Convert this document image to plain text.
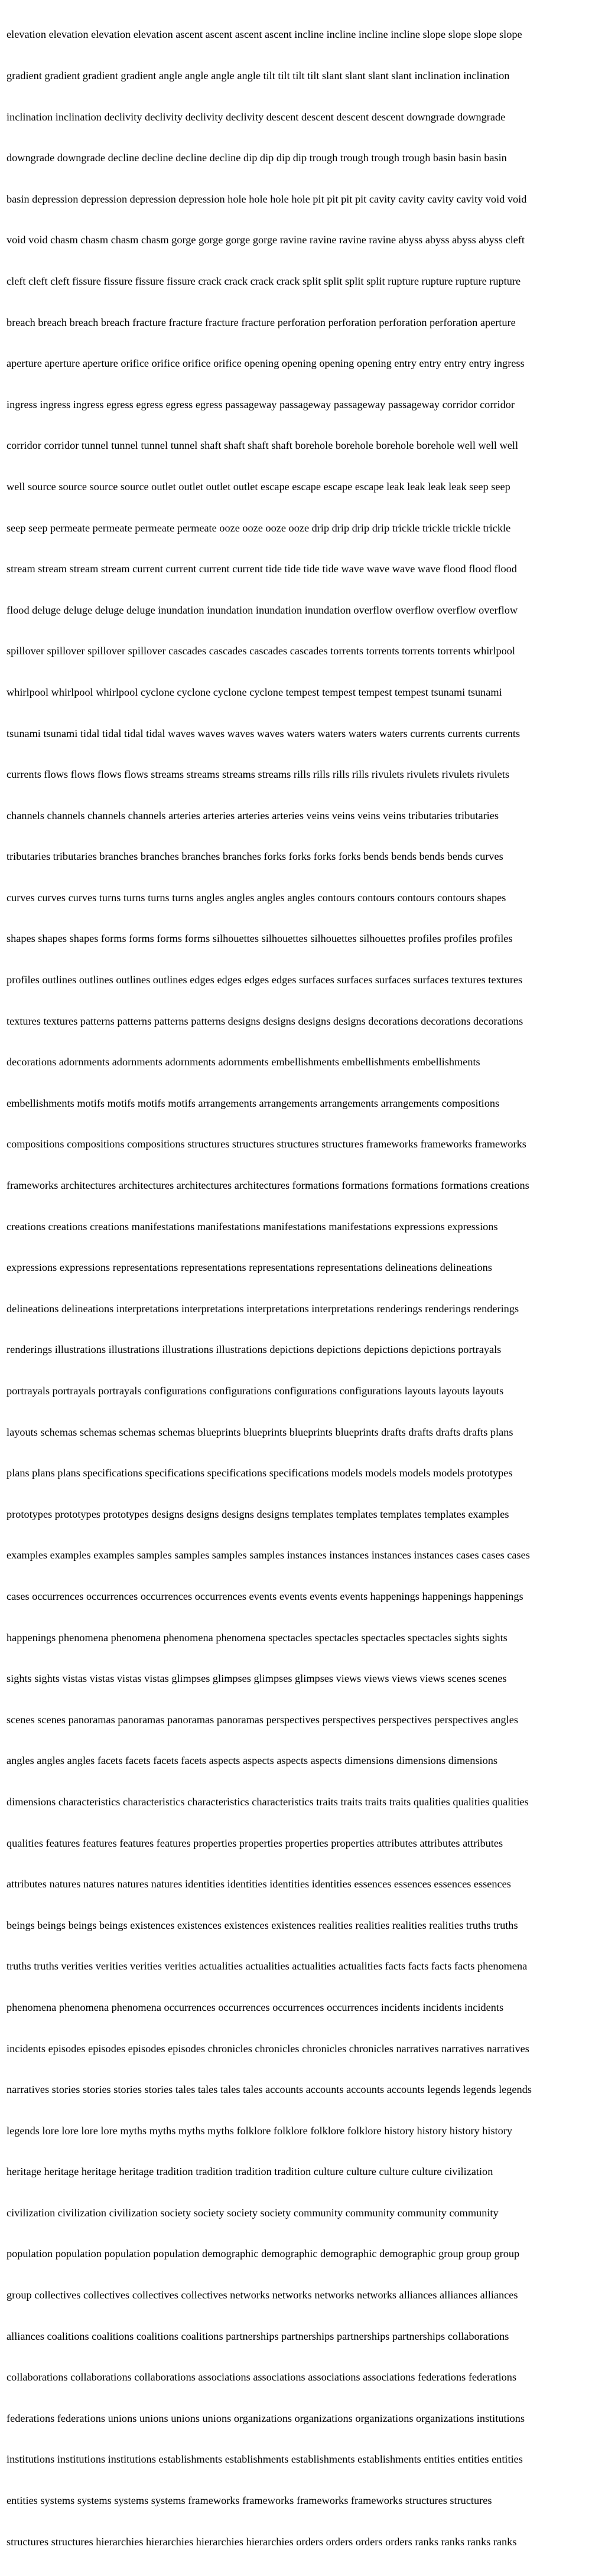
elevation elevation elevation elevation ascent ascent ascent ascent incline incline incline incline slope slope slope slope

gradient gradient gradient gradient angle angle angle angle tilt tilt tilt tilt slant slant slant slant inclination inclination

inclination inclination declivity declivity declivity declivity descent descent descent descent downgrade downgrade

downgrade downgrade decline decline decline decline dip dip dip dip trough trough trough trough basin basin basin

basin depression depression depression depression hole hole hole hole pit pit pit pit cavity cavity cavity cavity void void

void void chasm chasm chasm chasm gorge gorge gorge gorge ravine ravine ravine ravine abyss abyss abyss abyss cleft

cleft cleft cleft fissure fissure fissure fissure crack crack crack crack split split split split rupture rupture rupture rupture

breach breach breach breach fracture fracture fracture fracture perforation perforation perforation perforation aperture

aperture aperture aperture orifice orifice orifice orifice opening opening opening opening entry entry entry entry ingress

ingress ingress ingress egress egress egress egress passageway passageway passageway passageway corridor corridor

corridor corridor tunnel tunnel tunnel tunnel shaft shaft shaft shaft borehole borehole borehole borehole well well well

well source source source source outlet outlet outlet outlet escape escape escape escape leak leak leak leak seep seep

seep seep permeate permeate permeate permeate ooze ooze ooze ooze drip drip drip drip trickle trickle trickle trickle

stream stream stream stream current current current current tide tide tide tide wave wave wave wave flood flood flood

flood deluge deluge deluge deluge inundation inundation inundation inundation overflow overflow overflow overflow

spillover spillover spillover spillover cascades cascades cascades cascades torrents torrents torrents torrents whirlpool

whirlpool whirlpool whirlpool cyclone cyclone cyclone cyclone tempest tempest tempest tempest tsunami tsunami

tsunami tsunami tidal tidal tidal tidal waves waves waves waves waters waters waters waters currents currents currents

currents flows flows flows flows streams streams streams streams rills rills rills rills rivulets rivulets rivulets rivulets

channels channels channels channels arteries arteries arteries arteries veins veins veins veins tributaries tributaries

tributaries tributaries branches branches branches branches forks forks forks forks bends bends bends bends curves

curves curves curves turns turns turns turns angles angles angles angles contours contours contours contours shapes

shapes shapes shapes forms forms forms forms silhouettes silhouettes silhouettes silhouettes profiles profiles profiles

profiles outlines outlines outlines outlines edges edges edges edges surfaces surfaces surfaces surfaces textures textures

textures textures patterns patterns patterns patterns designs designs designs designs decorations decorations decorations

decorations adornments adornments adornments adornments embellishments embellishments embellishments

embellishments motifs motifs motifs motifs arrangements arrangements arrangements arrangements compositions

compositions compositions compositions structures structures structures structures frameworks frameworks frameworks

frameworks architectures architectures architectures architectures formations formations formations formations creations

creations creations creations manifestations manifestations manifestations manifestations expressions expressions

expressions expressions representations representations representations representations delineations delineations

delineations delineations interpretations interpretations interpretations interpretations renderings renderings renderings

renderings illustrations illustrations illustrations illustrations depictions depictions depictions depictions portrayals

portrayals portrayals portrayals configurations configurations configurations configurations layouts layouts layouts

layouts schemas schemas schemas schemas blueprints blueprints blueprints blueprints drafts drafts drafts drafts plans

plans plans plans specifications specifications specifications specifications models models models models prototypes

prototypes prototypes prototypes designs designs designs designs templates templates templates templates examples

examples examples examples samples samples samples samples instances instances instances instances cases cases cases

cases occurrences occurrences occurrences occurrences events events events events happenings happenings happenings

happenings phenomena phenomena phenomena phenomena spectacles spectacles spectacles spectacles sights sights

sights sights vistas vistas vistas vistas glimpses glimpses glimpses glimpses views views views views scenes scenes

scenes scenes panoramas panoramas panoramas panoramas perspectives perspectives perspectives perspectives angles

angles angles angles facets facets facets facets aspects aspects aspects aspects dimensions dimensions dimensions

dimensions characteristics characteristics characteristics characteristics traits traits traits traits qualities qualities qualities

qualities features features features features properties properties properties properties attributes attributes attributes

attributes natures natures natures natures identities identities identities identities essences essences essences essences

beings beings beings beings existences existences existences existences realities realities realities realities truths truths

truths truths verities verities verities verities actualities actualities actualities actualities facts facts facts facts phenomena

phenomena phenomena phenomena occurrences occurrences occurrences occurrences incidents incidents incidents

incidents episodes episodes episodes episodes chronicles chronicles chronicles chronicles narratives narratives narratives

narratives stories stories stories stories tales tales tales tales accounts accounts accounts accounts legends legends legends

legends lore lore lore lore myths myths myths myths folklore folklore folklore folklore history history history history

heritage heritage heritage heritage tradition tradition tradition tradition culture culture culture culture civilization

civilization civilization civilization society society society society community community community community

population population population population demographic demographic demographic demographic group group group

group collectives collectives collectives collectives networks networks networks networks alliances alliances alliances

alliances coalitions coalitions coalitions coalitions partnerships partnerships partnerships partnerships collaborations

collaborations collaborations collaborations associations associations associations associations federations federations

federations federations unions unions unions unions organizations organizations organizations organizations institutions

institutions institutions institutions establishments establishments establishments establishments entities entities entities

entities systems systems systems systems frameworks frameworks frameworks frameworks structures structures

structures structures hierarchies hierarchies hierarchies hierarchies orders orders orders orders ranks ranks ranks ranks
